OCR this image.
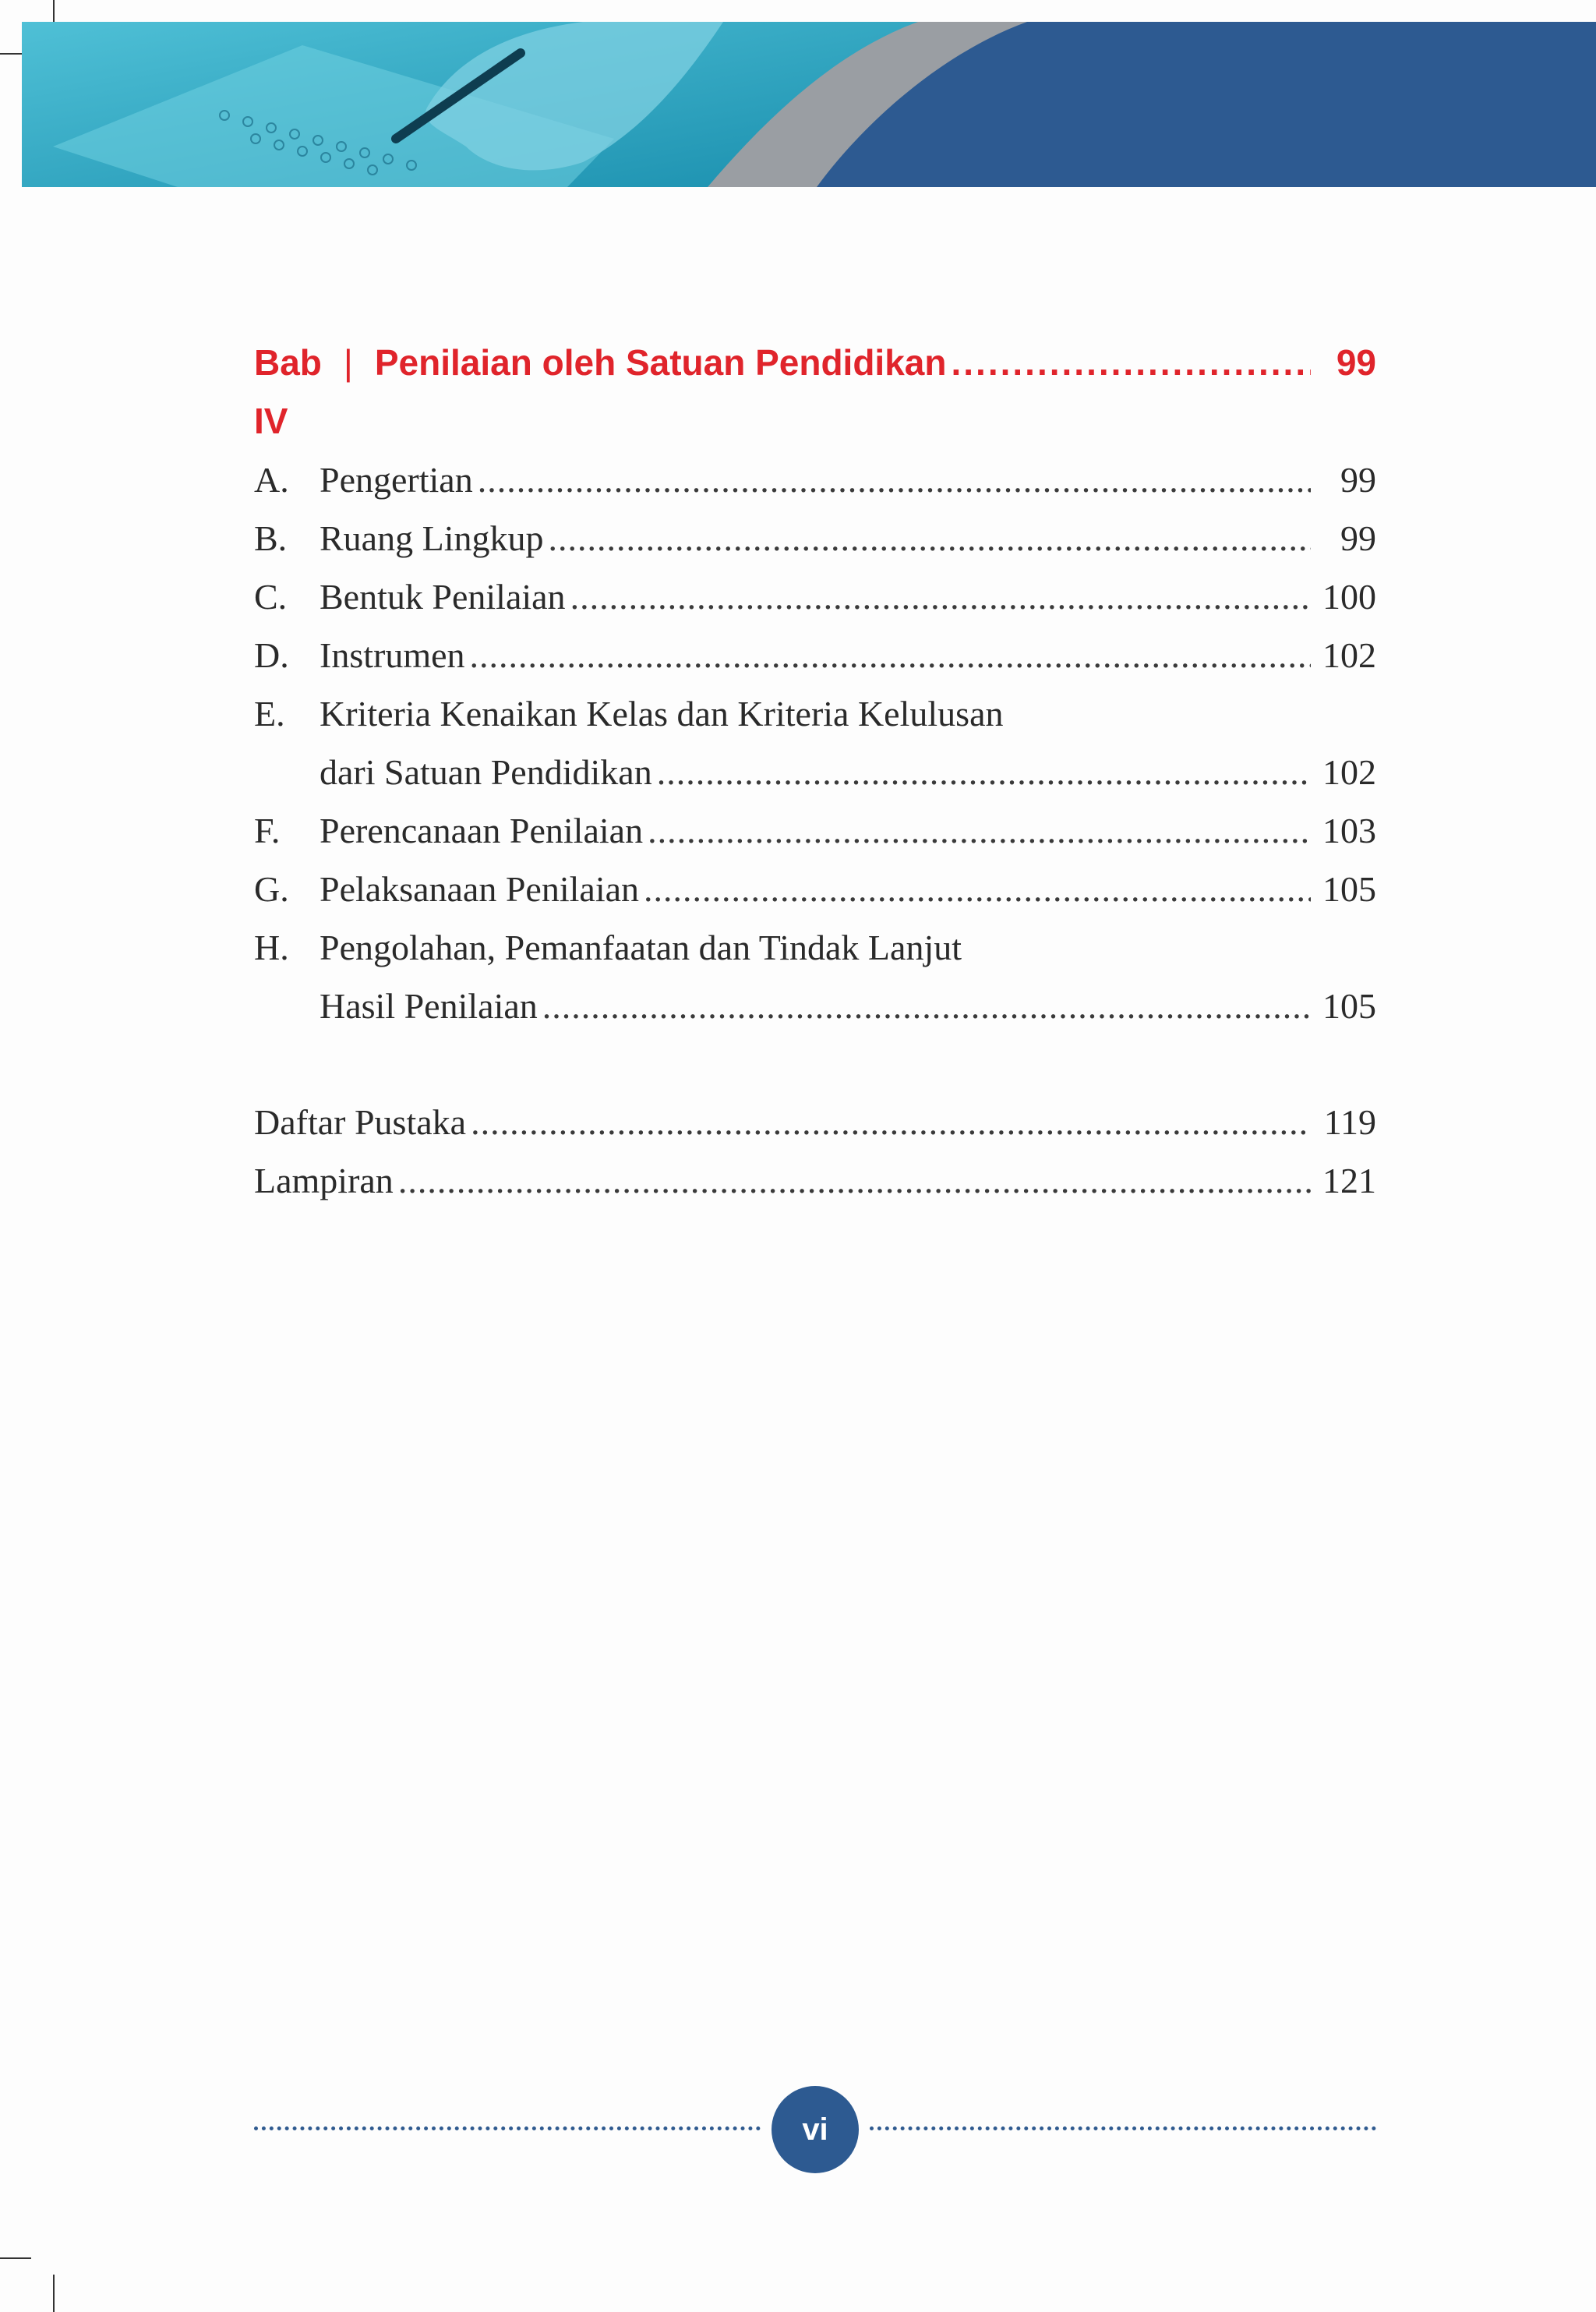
Bab IV
| Penilaian oleh Satuan Pendidikan .....	99
A. Pengertian .....	99
B. Ruang Lingkup .....	99
C. Bentuk Penilaian .....	100
D. Instrumen .....	102
E. Kriteria Kenaikan Kelas dan Kriteria Kelulusan
dari Satuan Pendidikan .....	102
F.	Perencanaan Penilaian .....	103
G. Pelaksanaan Penilaian .....	105
H. Pengolahan, Pemanfaatan dan Tindak Lanjut
Hasil Penilaian .....	105
Daftar Pustaka .....	119
Lampiran .....	121
vi
